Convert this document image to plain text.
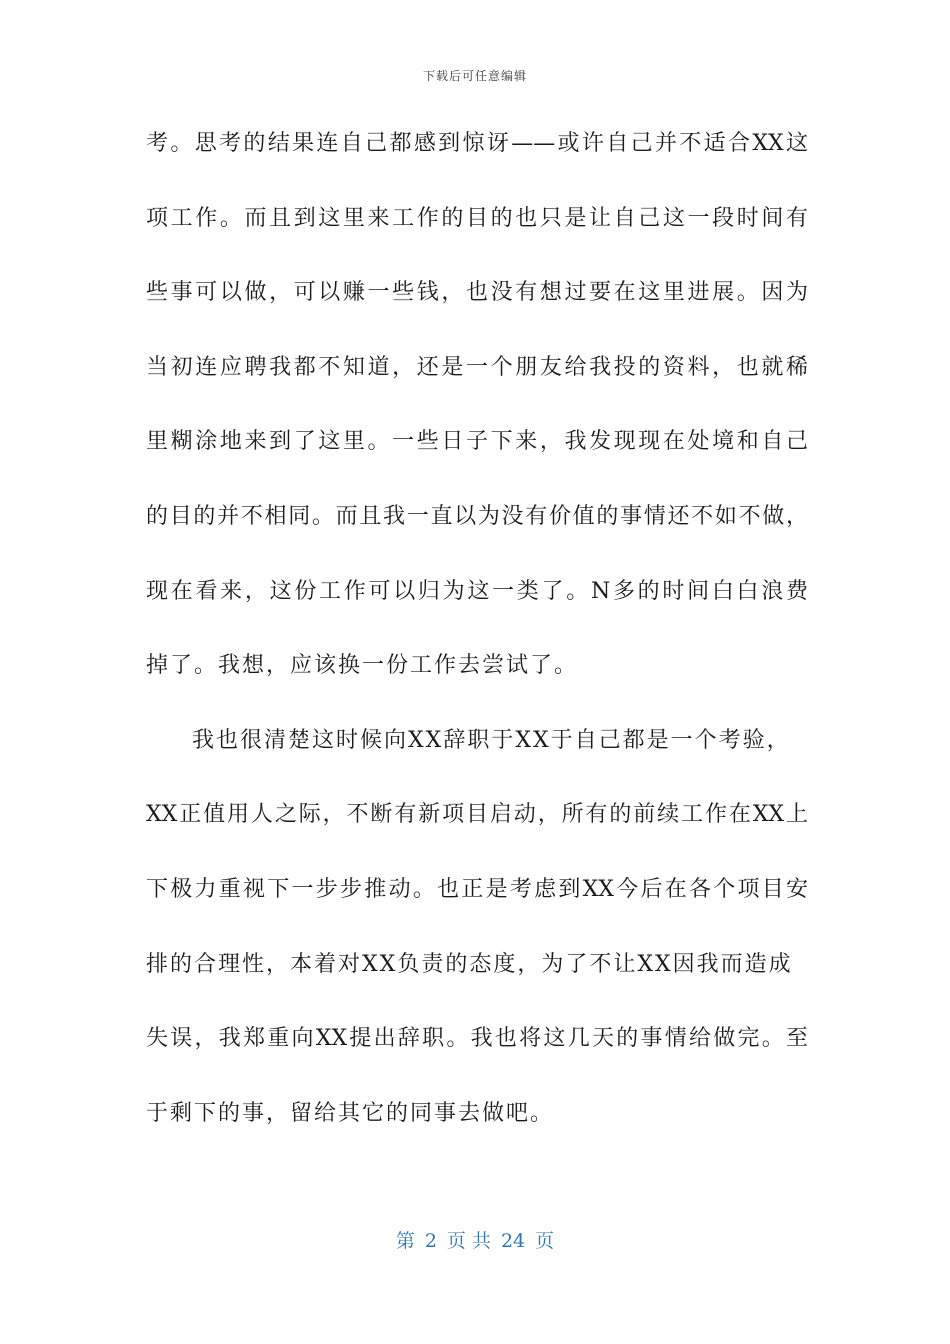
下载后可任意编辑
考。思考的结果连自己都感到惊讶——或许自己并不适合XX这
项工作。而且到这里来工作的目的也只是让自己这一段时间有
些事可以做，可以赚一些钱，也没有想过要在这里进展。因为
当初连应聘我都不知道，还是一个朋友给我投的资料，也就稀
里糊涂地来到了这里。一些日子下来，我发现现在处境和自己
的目的并不相同。而且我一直以为没有价值的事情还不如不做，
现在看来，这份工作可以归为这一类了。N多的时间白白浪费
掉了。我想，应该换一份工作去尝试了。
我也很清楚这时候向XX辞职于XX于自己都是一个考验，
XX正值用人之际，不断有新项目启动，所有的前续工作在XX上
下极力重视下一步步推动。也正是考虑到XX今后在各个项目安
排的合理性，本着对XX负责的态度，为了不让XX因我而造成
失误，我郑重向XX提出辞职。我也将这几天的事情给做完。至
于剩下的事，留给其它的同事去做吧。
第 2 页 共 24 页
